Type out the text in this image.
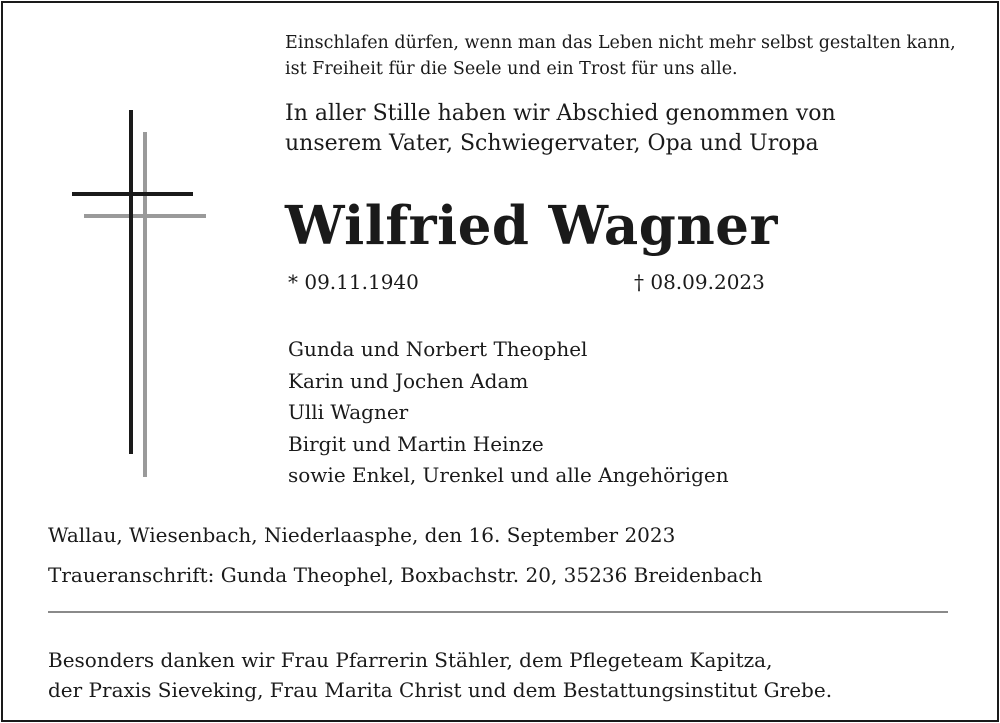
Einschlafen dürfen, wenn man das Leben nicht mehr selbst gestalten kann,
ist Freiheit für die Seele und ein Trost für uns alle.
In aller Stille haben wir Abschied genommen von
unserem Vater, Schwiegervater, Opa und Uropa
Wilfried Wagner
* 09.11.1940	† 08.09.2023
Gunda und Norbert Theophel
Karin und Jochen Adam
Ulli Wagner
Birgit und Martin Heinze
sowie Enkel, Urenkel und alle Angehörigen
Wallau, Wiesenbach, Niederlaasphe, den 16. September 2023
Traueranschrift: Gunda Theophel, Boxbachstr. 20, 35236 Breidenbach
Besonders danken wir Frau Pfarrerin Stähler, dem Pflegeteam Kapitza,
der Praxis Sieveking, Frau Marita Christ und dem Bestattungsinstitut Grebe.
